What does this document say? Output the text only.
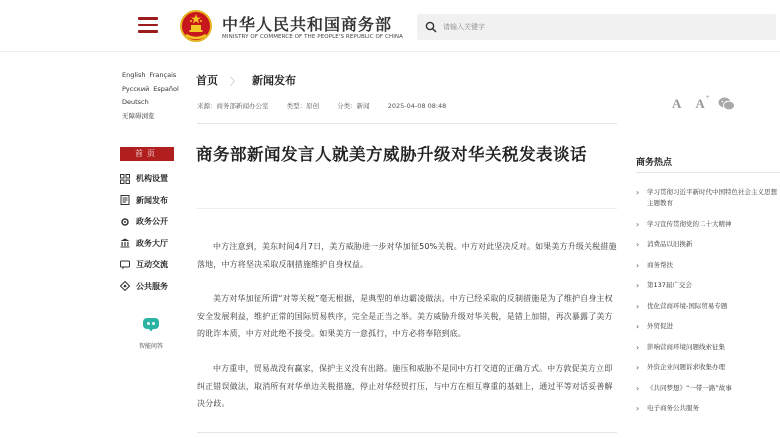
中华人民共和国商务部
MINISTRY OF COMMERCE OF THE PEOPLE'S REPUBLIC OF CHINA
请输入关键字
English Français
Русский Español
Deutsch
无障碍浏览
首页
机构设置
新闻发布
政务公开
政务大厅
互动交流
公共服务
智能问答
首页 〉 新闻发布
来源：商务部新闻办公室	类型：原创	分类：新闻	2025-04-08 08:48	A A +
商务部新闻发言人就美方威胁升级对华关税发表谈话

中方注意到，美东时间4月7日，美方威胁进一步对华加征50%关税。中方对此坚决反对。如果美方升级关税措施落地，中方将坚决采取反制措施维护自身权益。

美方对华加征所谓“对等关税”毫无根据，是典型的单边霸凌做法。中方已经采取的反制措施是为了维护自身主权安全发展利益，维护正常的国际贸易秩序，完全是正当之举。美方威胁升级对华关税，是错上加错，再次暴露了美方的讹诈本质，中方对此绝不接受。如果美方一意孤行，中方必将奉陪到底。

中方重申，贸易战没有赢家，保护主义没有出路。施压和威胁不是同中方打交道的正确方式。中方敦促美方立即纠正错误做法，取消所有对华单边关税措施，停止对华经贸打压，与中方在相互尊重的基础上，通过平等对话妥善解决分歧。

商务热点
› 学习贯彻习近平新时代中国特色社会主义思想主题教育
› 学习宣传贯彻党的二十大精神
› 消费品以旧换新
› 商务帮扶
› 第137届广交会
› 优化营商环境-国际贸易专题
› 外贸促进
› 影响营商环境问题线索征集
› 外资企业问题诉求收集办理
› 《共同梦想》“一带一路”故事
› 电子商务公共服务
